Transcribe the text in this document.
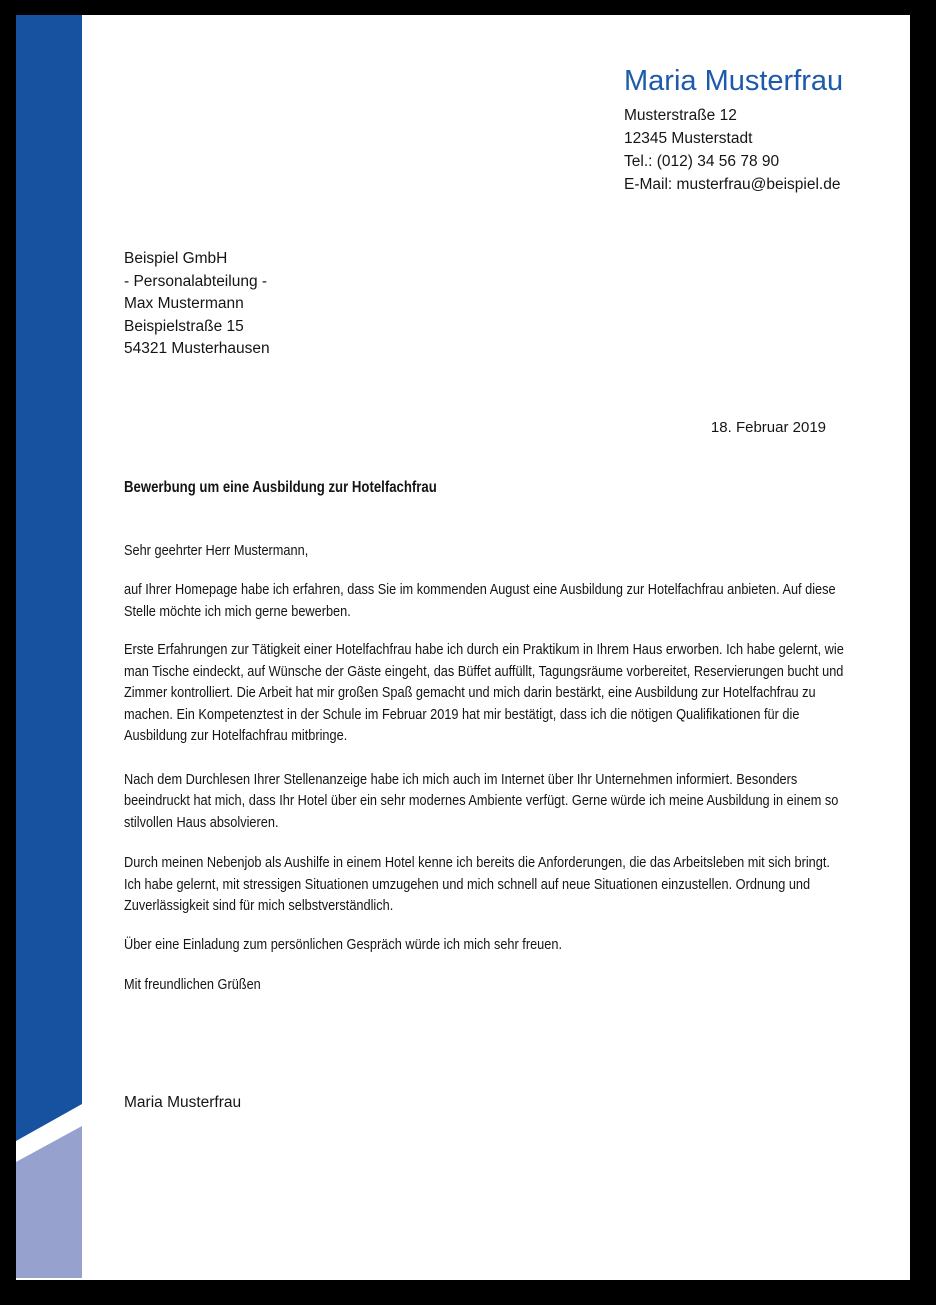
Maria Musterfrau
Musterstraße 12
12345 Musterstadt
Tel.: (012) 34 56 78 90
E-Mail: musterfrau@beispiel.de
Beispiel GmbH
- Personalabteilung -
Max Mustermann
Beispielstraße 15
54321 Musterhausen
18. Februar 2019
Bewerbung um eine Ausbildung zur Hotelfachfrau

Sehr geehrter Herr Mustermann,

auf Ihrer Homepage habe ich erfahren, dass Sie im kommenden August eine Ausbildung zur Hotelfachfrau anbieten. Auf diese Stelle möchte ich mich gerne bewerben.

Erste Erfahrungen zur Tätigkeit einer Hotelfachfrau habe ich durch ein Praktikum in Ihrem Haus erworben. Ich habe gelernt, wie man Tische eindeckt, auf Wünsche der Gäste eingeht, das Büffet auffüllt, Tagungsräume vorbereitet, Reservierungen bucht und Zimmer kontrolliert. Die Arbeit hat mir großen Spaß gemacht und mich darin bestärkt, eine Ausbildung zur Hotelfachfrau zu machen. Ein Kompetenztest in der Schule im Februar 2019 hat mir bestätigt, dass ich die nötigen Qualifikationen für die Ausbildung zur Hotelfachfrau mitbringe.

Nach dem Durchlesen Ihrer Stellenanzeige habe ich mich auch im Internet über Ihr Unternehmen informiert. Besonders beeindruckt hat mich, dass Ihr Hotel über ein sehr modernes Ambiente verfügt. Gerne würde ich meine Ausbildung in einem so stilvollen Haus absolvieren.

Durch meinen Nebenjob als Aushilfe in einem Hotel kenne ich bereits die Anforderungen, die das Arbeitsleben mit sich bringt. Ich habe gelernt, mit stressigen Situationen umzugehen und mich schnell auf neue Situationen einzustellen. Ordnung und Zuverlässigkeit sind für mich selbstverständlich.

Über eine Einladung zum persönlichen Gespräch würde ich mich sehr freuen.

Mit freundlichen Grüßen

Maria Musterfrau
